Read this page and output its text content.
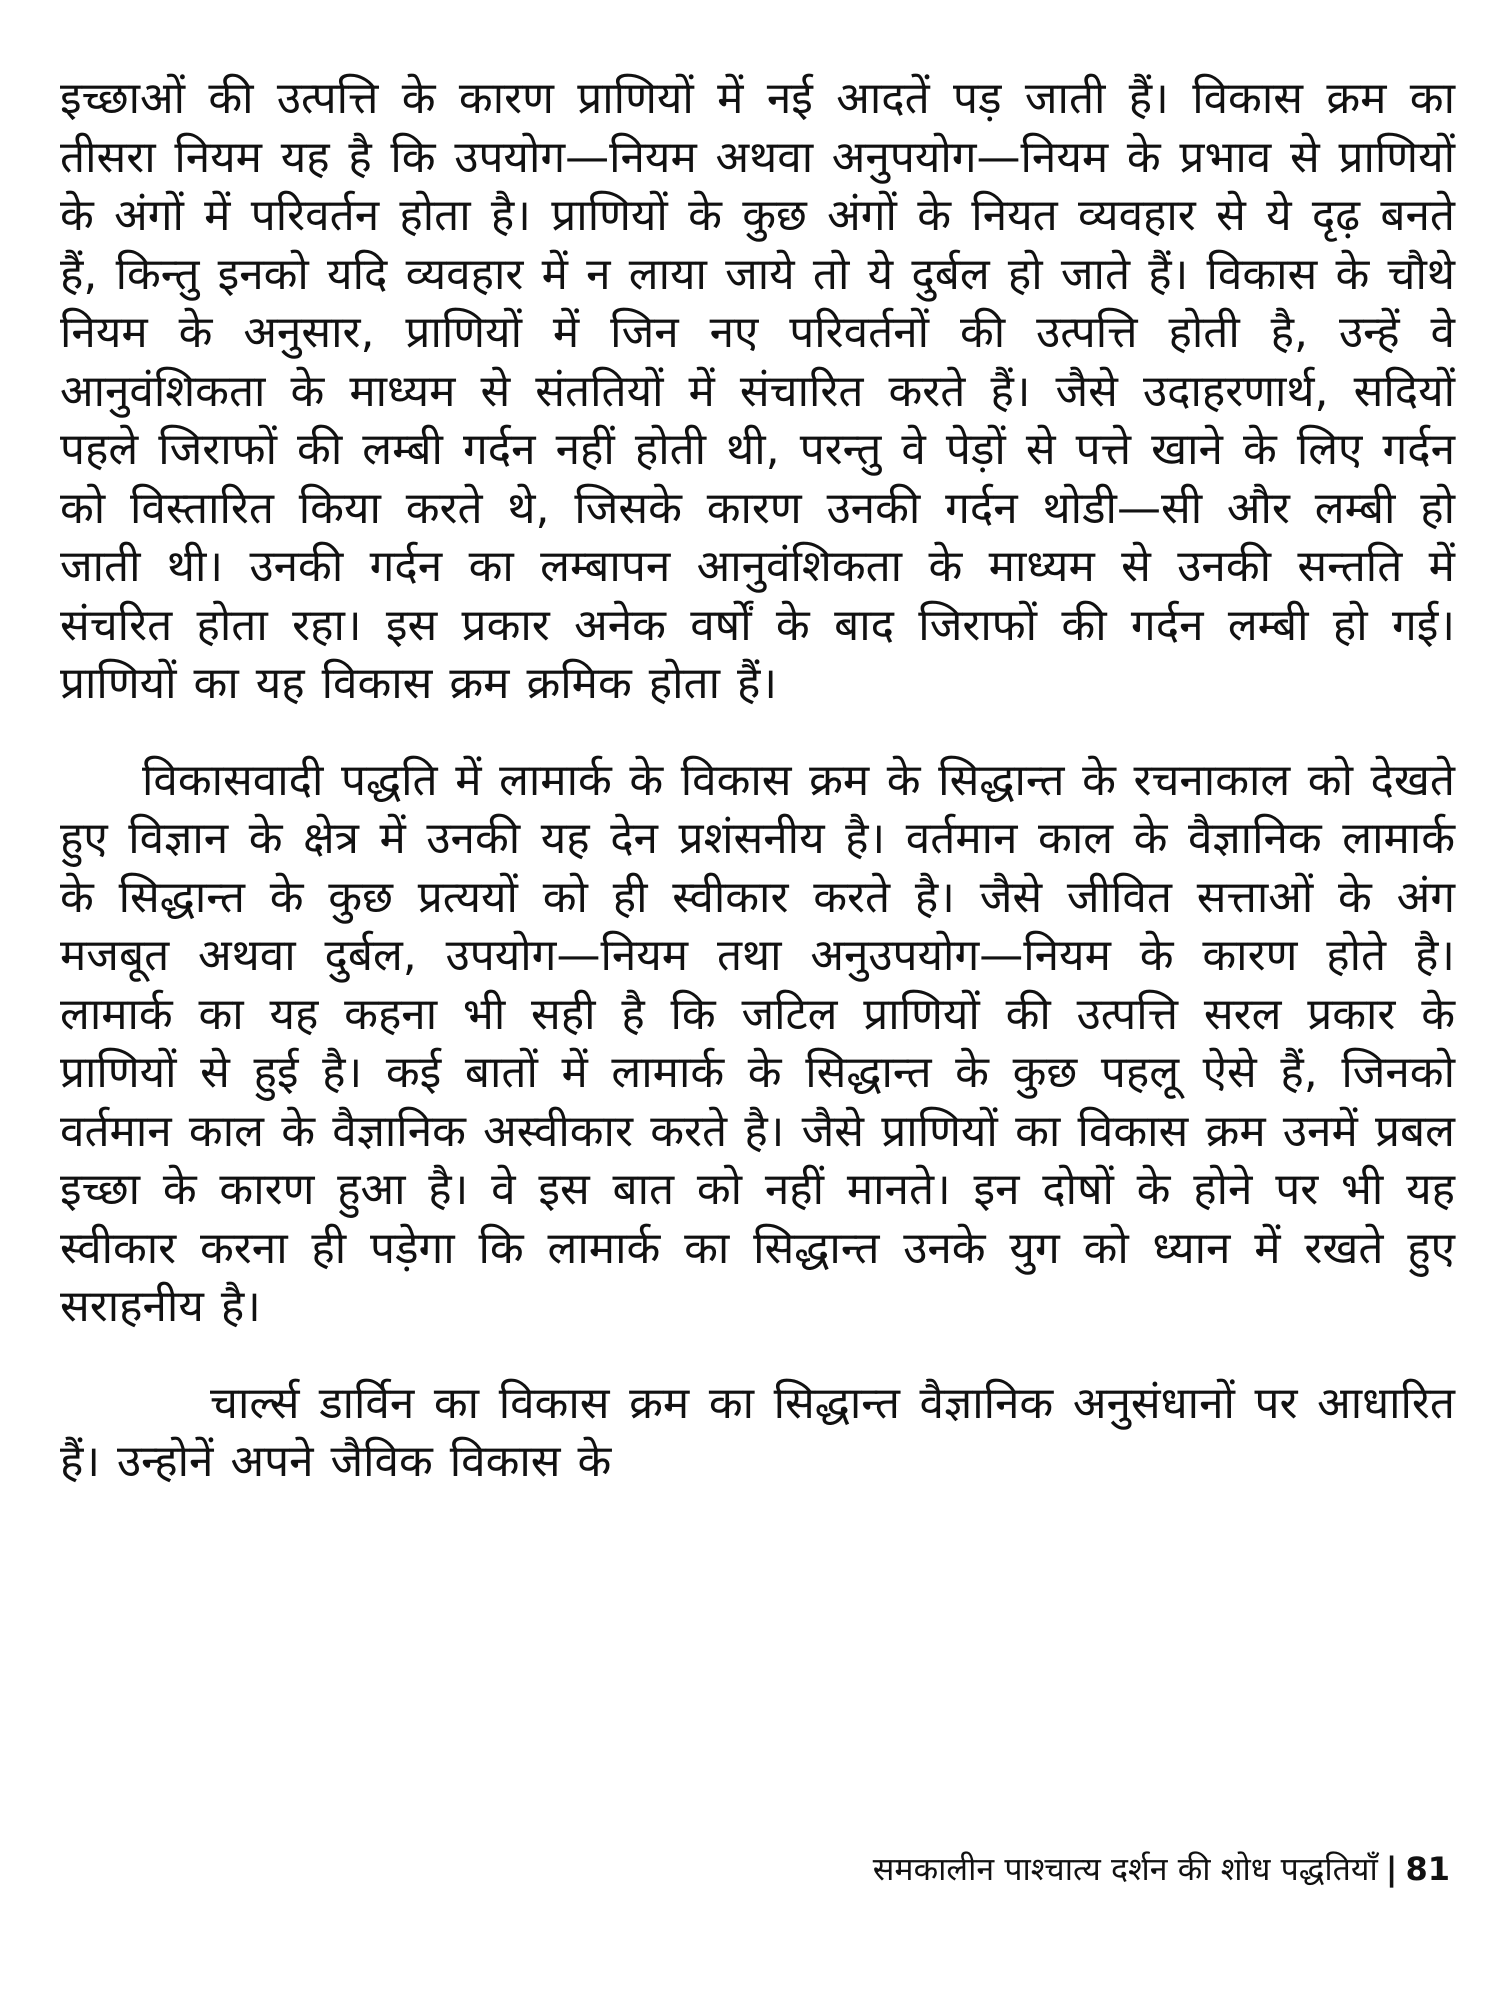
इच्छाओं की उत्पत्ति के कारण प्राणियों में नई आदतें पड़ जाती हैं। विकास क्रम का तीसरा नियम यह है कि उपयोग—नियम अथवा अनुपयोग—नियम के प्रभाव से प्राणियों के अंगों में परिवर्तन होता है। प्राणियों के कुछ अंगों के नियत व्यवहार से ये दृढ़ बनते हैं, किन्तु इनको यदि व्यवहार में न लाया जाये तो ये दुर्बल हो जाते हैं। विकास के चौथे नियम के अनुसार, प्राणियों में जिन नए परिवर्तनों की उत्पत्ति होती है, उन्हें वे आनुवंशिकता के माध्यम से संततियों में संचारित करते हैं। जैसे उदाहरणार्थ, सदियों पहले जिराफों की लम्बी गर्दन नहीं होती थी, परन्तु वे पेड़ों से पत्ते खाने के लिए गर्दन को विस्तारित किया करते थे, जिसके कारण उनकी गर्दन थोडी—सी और लम्बी हो जाती थी। उनकी गर्दन का लम्बापन आनुवंशिकता के माध्यम से उनकी सन्तति में संचरित होता रहा। इस प्रकार अनेक वर्षों के बाद जिराफों की गर्दन लम्बी हो गई। प्राणियों का यह विकास क्रम क्रमिक होता हैं।

विकासवादी पद्धति में लामार्क के विकास क्रम के सिद्धान्त के रचनाकाल को देखते हुए विज्ञान के क्षेत्र में उनकी यह देन प्रशंसनीय है। वर्तमान काल के वैज्ञानिक लामार्क के सिद्धान्त के कुछ प्रत्ययों को ही स्वीकार करते है। जैसे जीवित सत्ताओं के अंग मजबूत अथवा दुर्बल, उपयोग—नियम तथा अनुउपयोग—नियम के कारण होते है। लामार्क का यह कहना भी सही है कि जटिल प्राणियों की उत्पत्ति सरल प्रकार के प्राणियों से हुई है। कई बातों में लामार्क के सिद्धान्त के कुछ पहलू ऐसे हैं, जिनको वर्तमान काल के वैज्ञानिक अस्वीकार करते है। जैसे प्राणियों का विकास क्रम उनमें प्रबल इच्छा के कारण हुआ है। वे इस बात को नहीं मानते। इन दोषों के होने पर भी यह स्वीकार करना ही पड़ेगा कि लामार्क का सिद्धान्त उनके युग को ध्यान में रखते हुए सराहनीय है।

चार्ल्स डार्विन का विकास क्रम का सिद्धान्त वैज्ञानिक अनुसंधानों पर आधारित हैं। उन्होनें अपने जैविक विकास के

समकालीन पाश्चात्य दर्शन की शोध पद्धतियाँ | 81
